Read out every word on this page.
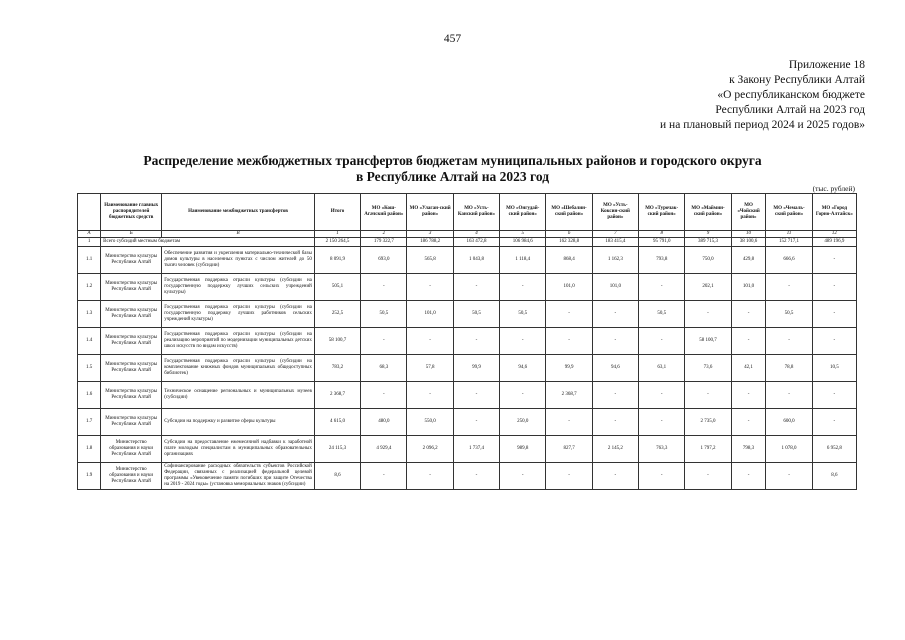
457
Приложение 18
к Закону Республики Алтай
«О республиканском бюджете
Республики Алтай на 2023 год
и на плановый период 2024 и 2025 годов»
Распределение межбюджетных трансфертов бюджетам муниципальных районов и городского округа
в Республике Алтай на 2023 год
(тыс. рублей)
	Наименование главных распорядителей бюджетных средств	Наименование межбюджетных трансфертов	Итого	МО «Кош-Агачский район»	МО «Улаган-ский район»	МО «Усть-Канский район»	МО «Онгудай-ский район»	МО «Шебалин-ский район»	МО «Усть-Коксин-ский район»	МО «Турочак-ский район»	МО «Маймин-ский район»	МО «Чойский район»	МО «Чемаль-ский район»	МО «Город Горно-Алтайск»
А	Б	В	1	2	3	4	5	6	7	8	9	10	11	12
1	Всего субсидий местным бюджетам		2 150 264,5	179 322,7	186 788,2	163 472,8	106 984,6	162 328,8	183 415,4	95 791,0	389 715,3	38 100,6	152 717,1	489 196,9
1.1	Министерство культуры Республики Алтай	Обеспечение развития и укрепления материально-технической базы домов культуры в населенных пунктах с числом жителей до 50 тысяч человек (субсидии)	8 091,9	693,0	565,8	1 043,8	1 118,4	868,4	1 162,3	793,8	750,0	429,8	666,6	-
1.2	Министерство культуры Республики Алтай	Государственная поддержка отрасли культуры (субсидии на государственную поддержку лучших сельских учреждений культуры)	505,1	-	-	-	-	101,0	101,0	-	202,1	101,0	-	-
1.3	Министерство культуры Республики Алтай	Государственная поддержка отрасли культуры (субсидии на государственную поддержку лучших работников сельских учреждений культуры)	252,5	50,5	101,0	50,5	50,5	-	-	50,5	-	-	50,5	-
1.4	Министерство культуры Республики Алтай	Государственная поддержка отрасли культуры (субсидии на реализацию мероприятий по модернизации муниципальных детских школ искусств по видам искусств)	58 100,7	-	-	-	-	-	-	-	58 100,7	-	-	-
1.5	Министерство культуры Республики Алтай	Государственная поддержка отрасли культуры (субсидии на комплектование книжных фондов муниципальных общедоступных библиотек)	783,2	68,3	57,8	99,9	94,6	99,9	94,6	63,1	73,6	42,1	78,8	10,5
1.6	Министерство культуры Республики Алтай	Техническое оснащение региональных и муниципальных музеев (субсидии)	2 368,7	-	-	-	-	2 368,7	-	-	-	-	-	-
1.7	Министерство культуры Республики Алтай	Субсидии на поддержку и развитие сферы культуры	4 615,0	480,0	550,0	-	250,0	-	-	-	2 735,0	-	600,0	-
1.8	Министерство образования и науки Республики Алтай	Субсидии на предоставление ежемесячной надбавки к заработной плате молодым специалистам в муниципальных образовательных организациях	24 115,3	4 929,4	2 096,2	1 737,4	989,8	827,7	2 145,2	763,3	1 797,2	798,3	1 078,0	6 952,8
1.9	Министерство образования и науки Республики Алтай	Софинансирование расходных обязательств субъектов Российской Федерации, связанных с реализацией федеральной целевой программы «Увековечение памяти погибших при защите Отечества на 2019 - 2024 годы» (установка мемориальных знаков (субсидии)	8,6	-	-	-	-	-	-	-	-	-	-	8,6
